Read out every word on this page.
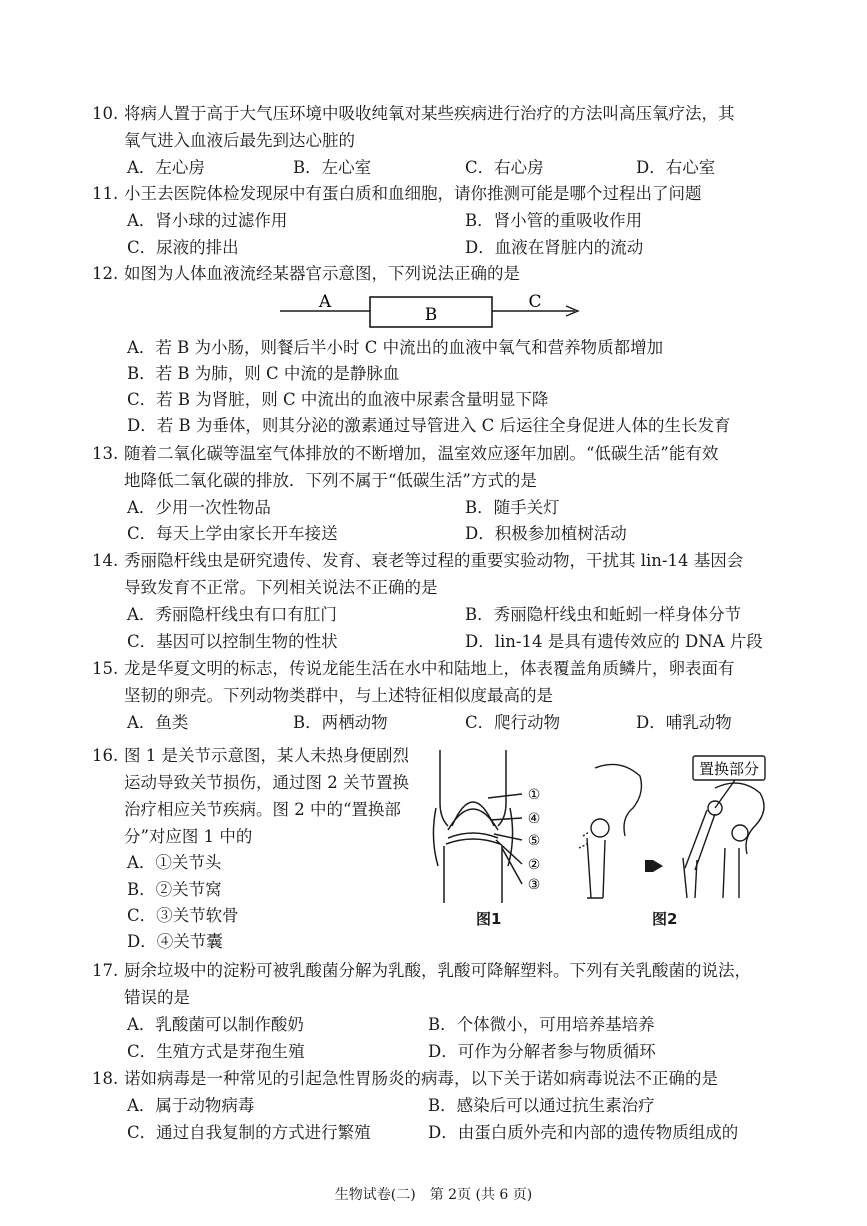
10. 将病人置于高于大气压环境中吸收纯氧对某些疾病进行治疗的方法叫高压氧疗法，其
氧气进入血液后最先到达心脏的
A．左心房	B．左心室	C．右心房	D．右心室
11. 小王去医院体检发现尿中有蛋白质和血细胞，请你推测可能是哪个过程出了问题
A．肾小球的过滤作用	B．肾小管的重吸收作用
C．尿液的排出	D．血液在肾脏内的流动
12. 如图为人体血液流经某器官示意图，下列说法正确的是
A
B
C
A．若 B 为小肠，则餐后半小时 C 中流出的血液中氧气和营养物质都增加
B．若 B 为肺，则 C 中流的是静脉血
C．若 B 为肾脏，则 C 中流出的血液中尿素含量明显下降
D．若 B 为垂体，则其分泌的激素通过导管进入 C 后运往全身促进人体的生长发育
13. 随着二氧化碳等温室气体排放的不断增加，温室效应逐年加剧。“低碳生活”能有效
地降低二氧化碳的排放．下列不属于“低碳生活”方式的是
A．少用一次性物品	B．随手关灯
C．每天上学由家长开车接送	D．积极参加植树活动
14. 秀丽隐杆线虫是研究遗传、发育、衰老等过程的重要实验动物，干扰其 lin-14 基因会
导致发育不正常。下列相关说法不正确的是
A．秀丽隐杆线虫有口有肛门	B．秀丽隐杆线虫和蚯蚓一样身体分节
C．基因可以控制生物的性状	D．lin-14 是具有遗传效应的 DNA 片段
15. 龙是华夏文明的标志，传说龙能生活在水中和陆地上，体表覆盖角质鳞片，卵表面有
坚韧的卵壳。下列动物类群中，与上述特征相似度最高的是
A．鱼类	B．两栖动物	C．爬行动物	D．哺乳动物
16. 图 1 是关节示意图，某人未热身便剧烈
运动导致关节损伤，通过图 2 关节置换
治疗相应关节疾病。图 2 中的“置换部
分”对应图 1 中的
A．①关节头
B．②关节窝
C．③关节软骨
D．④关节囊
①
④
⑤
②
③
图1
置换部分
图2
17. 厨余垃圾中的淀粉可被乳酸菌分解为乳酸，乳酸可降解塑料。下列有关乳酸菌的说法，
错误的是
A．乳酸菌可以制作酸奶	B．个体微小，可用培养基培养
C．生殖方式是芽孢生殖	D．可作为分解者参与物质循环
18. 诺如病毒是一种常见的引起急性胃肠炎的病毒，以下关于诺如病毒说法不正确的是
A．属于动物病毒	B．感染后可以通过抗生素治疗
C．通过自我复制的方式进行繁殖	D．由蛋白质外壳和内部的遗传物质组成的
生物试卷(二)　第 2页 (共 6 页)
